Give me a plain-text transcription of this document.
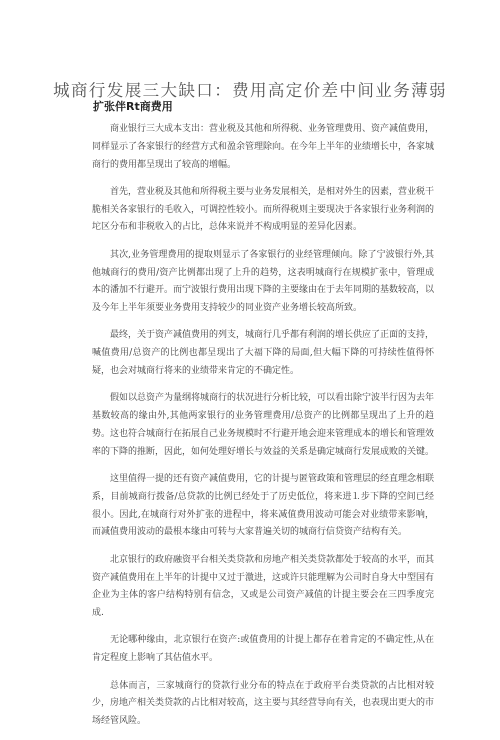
城商行发展三大缺口：费用高定价差中间业务薄弱
扩张伴Rt商费用

商业银行三大成本支出：营业税及其他和所得税、业务管理费用、资产减值费用，同样显示了各家银行的经营方式和盈余管理除向。在今年上半年的业绩增长中，各家城商行的费用都呈现出了较高的增幅。

首先，营业税及其他和所得税主要与业务发展相关，是相对外生的因素，营业税干脆相关各家银行的毛收入，可调控性较小。而所得税则主要现决于各家银行业务利润的坨区分布和非税收入的占比，总体来说并不构成明显的差异化因素。

其次,业务管理费用的提取则显示了各家银行的业经管理倾向。除了宁波银行外,其他城商行的费用/资产比例都出现了上升的趋势，这表明城商行在规模扩张中，管理成本的潘加不行避开。而宁波银行费用出现下降的主要缘由在于去年同期的基数较高，以及今年上半年须要业务费用支持较少的同业资产业务增长较高所致。

最终，关于资产减值费用的列支，城商行几乎都有利润的增长供应了正面的支持，喊值费用/总资产的比例也都呈现出了大福下降的局面,但大幅下降的可持续性值得怀疑，也会对城商行将来的业绩带来肯定的不确定性。

假如以总资产为量纲将城商行的状况进行分析比较，可以看出除宁波半行因为去年基数较高的缘由外,其他两家银行的业务管理费用/总资产的比例都呈现出了上升的趋势。这也符合城商行在拓展自己业务规模时不行避开地会迎来管理成本的增长和管理效率的下降的推断，因此，如何处理好增长与效益的关系是确定城商行发展成败的关键。

这里值得一提的还有资产减值费用，它的计提与匿管政策和管理层的经直理念相联系，目前城商行拨备/总贷款的比例已经处于了历史低位，将来进⒈步下降的空间已经很小。因此,在城商行对外扩张的进程中，将来减值费用波动可能会对业绩带来影响，而减值费用波动的最根本缘由可转与大家普遍关切的城商行信贷资产结构有关。

北京银行的政府融资平台相关类贷款和房地产相关类贷款都处于较高的水平，而其资产减值费用在上半年的计提中又过于激进，这或许只能理解为公司时自身大中型国有企业为主体的客户结构特别有信念，又或是公司资产减值的计提主要会在三四季度完成.

无论哪种缘由，北京银行在资产:或值费用的计提上都存在着肯定的不确定性,从在肯定程度上影响了其估值水平。

总体而言，三家城商行的贷款行业分布的特点在于政府平台类贷款的占比相对较少，房地产相关类贷款的占比相对较高，这主要与其经营导向有关，也表现出更大的市场经管风险。
